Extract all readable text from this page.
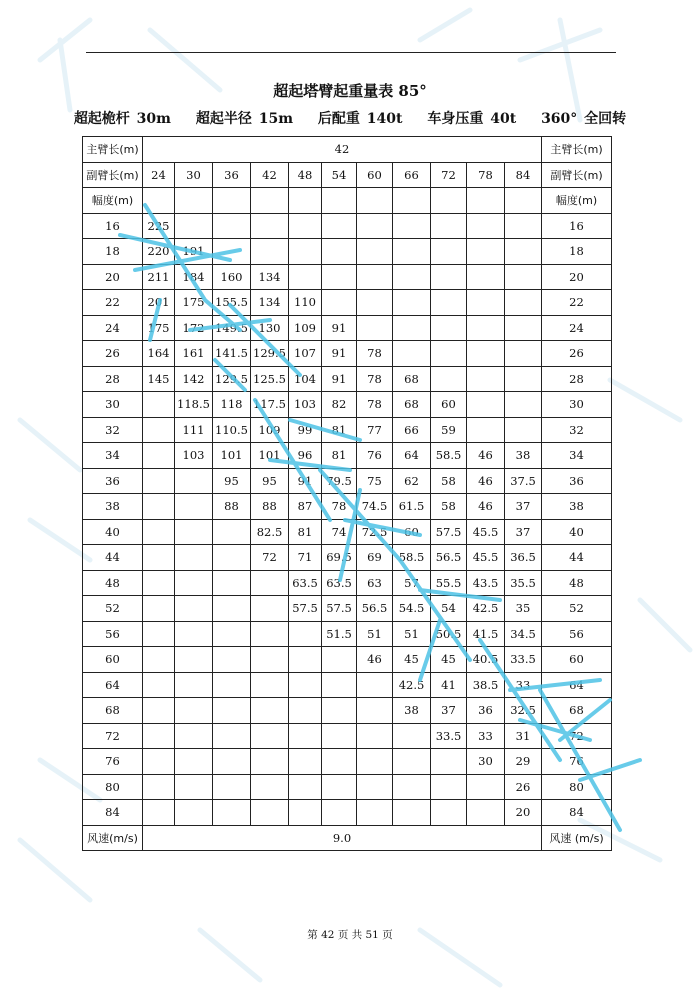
超起塔臂起重量表 85°
超起桅杆 30m 超起半径 15m 后配重 140t 车身压重 40t 360° 全回转
主臂长(m)	42											主臂长(m)
副臂长(m)	24	30	36	42	48	54	60	66	72	78	84	副臂长(m)
幅度(m)												幅度(m)
16	225											16
18	220	191										18
20	211	184	160	134								20
22	201	175	155.5	134	110							22
24	175	172	149.5	130	109	91						24
26	164	161	141.5	129.5	107	91	78					26
28	145	142	129.5	125.5	104	91	78	68				28
30		118.5	118	117.5	103	82	78	68	60			30
32		111	110.5	109	99	81	77	66	59			32
34		103	101	101	96	81	76	64	58.5	46	38	34
36			95	95	91	79.5	75	62	58	46	37.5	36
38			88	88	87	78	74.5	61.5	58	46	37	38
40				82.5	81	74	72.5	60	57.5	45.5	37	40
44				72	71	69.5	69	58.5	56.5	45.5	36.5	44
48					63.5	63.5	63	57	55.5	43.5	35.5	48
52					57.5	57.5	56.5	54.5	54	42.5	35	52
56						51.5	51	51	50.5	41.5	34.5	56
60							46	45	45	40.5	33.5	60
64								42.5	41	38.5	33	64
68								38	37	36	32.5	68
72									33.5	33	31	72
76										30	29	76
80											26	80
84											20	84
风速(m/s)	9.0											风速 (m/s)
第 42 页 共 51 页
